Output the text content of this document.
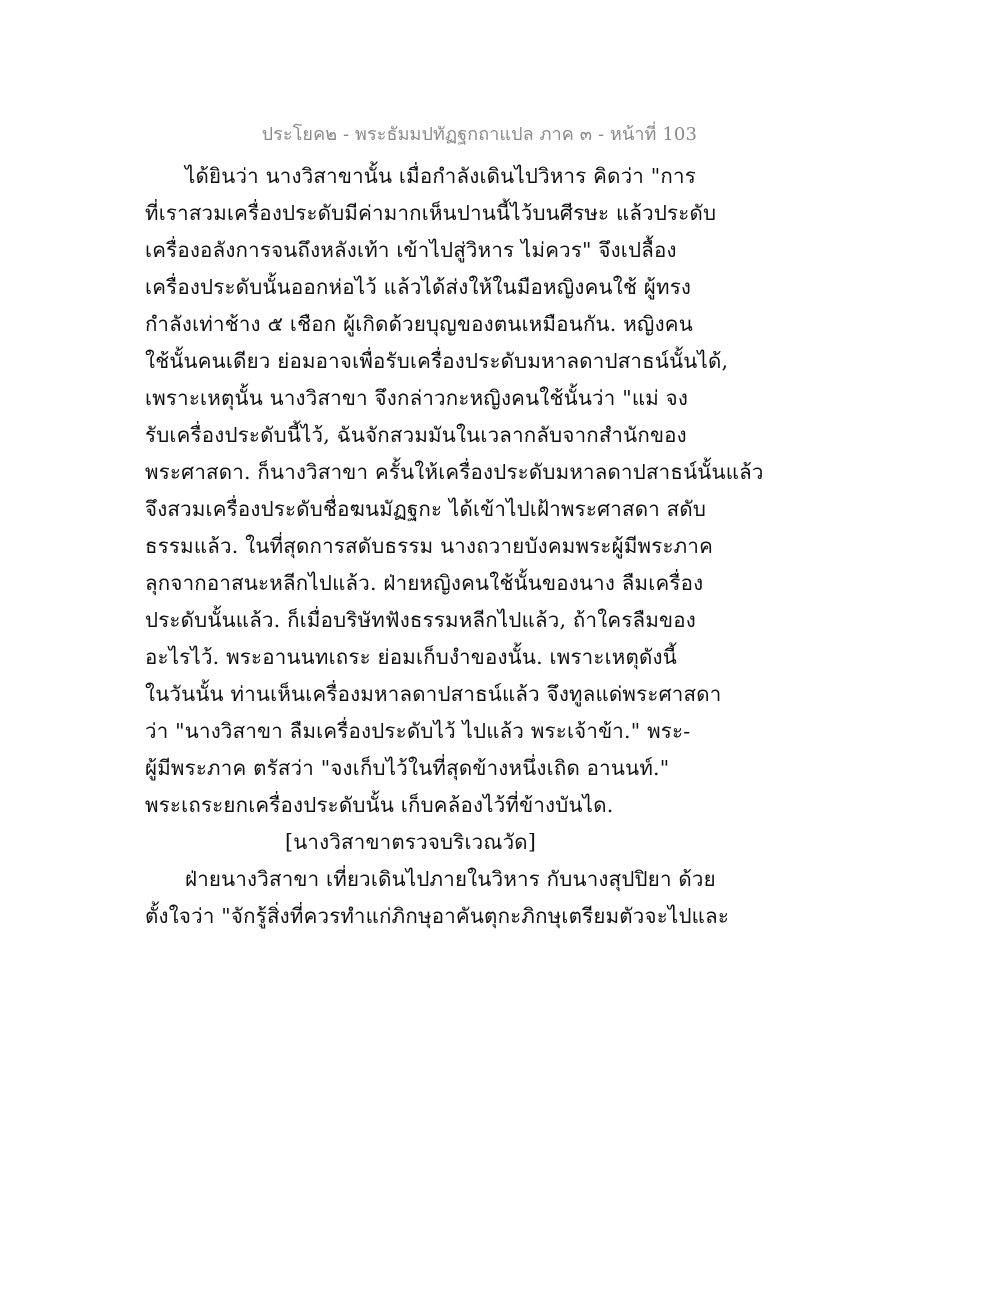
ประโยค๒ - พระธัมมปทัฏฐกถาแปล ภาค ๓ - หน้าที่ 103
ได้ยินว่า นางวิสาขานั้น เมื่อกำลังเดินไปวิหาร คิดว่า "การ
ที่เราสวมเครื่องประดับมีค่ามากเห็นปานนี้ไว้บนศีรษะ แล้วประดับ
เครื่องอลังการจนถึงหลังเท้า เข้าไปสู่วิหาร ไม่ควร" จึงเปลื้อง
เครื่องประดับนั้นออกห่อไว้ แล้วได้ส่งให้ในมือหญิงคนใช้ ผู้ทรง
กำลังเท่าช้าง ๕ เชือก ผู้เกิดด้วยบุญของตนเหมือนกัน. หญิงคน
ใช้นั้นคนเดียว ย่อมอาจเพื่อรับเครื่องประดับมหาลดาปสาธน์นั้นได้,
เพราะเหตุนั้น นางวิสาขา จึงกล่าวกะหญิงคนใช้นั้นว่า "แม่ จง
รับเครื่องประดับนี้ไว้, ฉันจักสวมมันในเวลากลับจากสำนักของ
พระศาสดา. ก็นางวิสาขา ครั้นให้เครื่องประดับมหาลดาปสาธน์นั้นแล้ว
จึงสวมเครื่องประดับชื่อฆนมัฏฐกะ ได้เข้าไปเฝ้าพระศาสดา สดับ
ธรรมแล้ว. ในที่สุดการสดับธรรม นางถวายบังคมพระผู้มีพระภาค
ลุกจากอาสนะหลีกไปแล้ว. ฝ่ายหญิงคนใช้นั้นของนาง ลืมเครื่อง
ประดับนั้นแล้ว. ก็เมื่อบริษัทฟังธรรมหลีกไปแล้ว, ถ้าใครลืมของ
อะไรไว้. พระอานนทเถระ ย่อมเก็บงำของนั้น. เพราะเหตุดังนี้
ในวันนั้น ท่านเห็นเครื่องมหาลดาปสาธน์แล้ว จึงทูลแด่พระศาสดา
ว่า "นางวิสาขา ลืมเครื่องประดับไว้ ไปแล้ว พระเจ้าข้า." พระ-
ผู้มีพระภาค ตรัสว่า "จงเก็บไว้ในที่สุดข้างหนึ่งเถิด อานนท์."
พระเถระยกเครื่องประดับนั้น เก็บคล้องไว้ที่ข้างบันได.
[นางวิสาขาตรวจบริเวณวัด]
ฝ่ายนางวิสาขา เที่ยวเดินไปภายในวิหาร กับนางสุปปิยา ด้วย
ตั้งใจว่า "จักรู้สิ่งที่ควรทำแก่ภิกษุอาคันตุกะภิกษุเตรียมตัวจะไปและ
